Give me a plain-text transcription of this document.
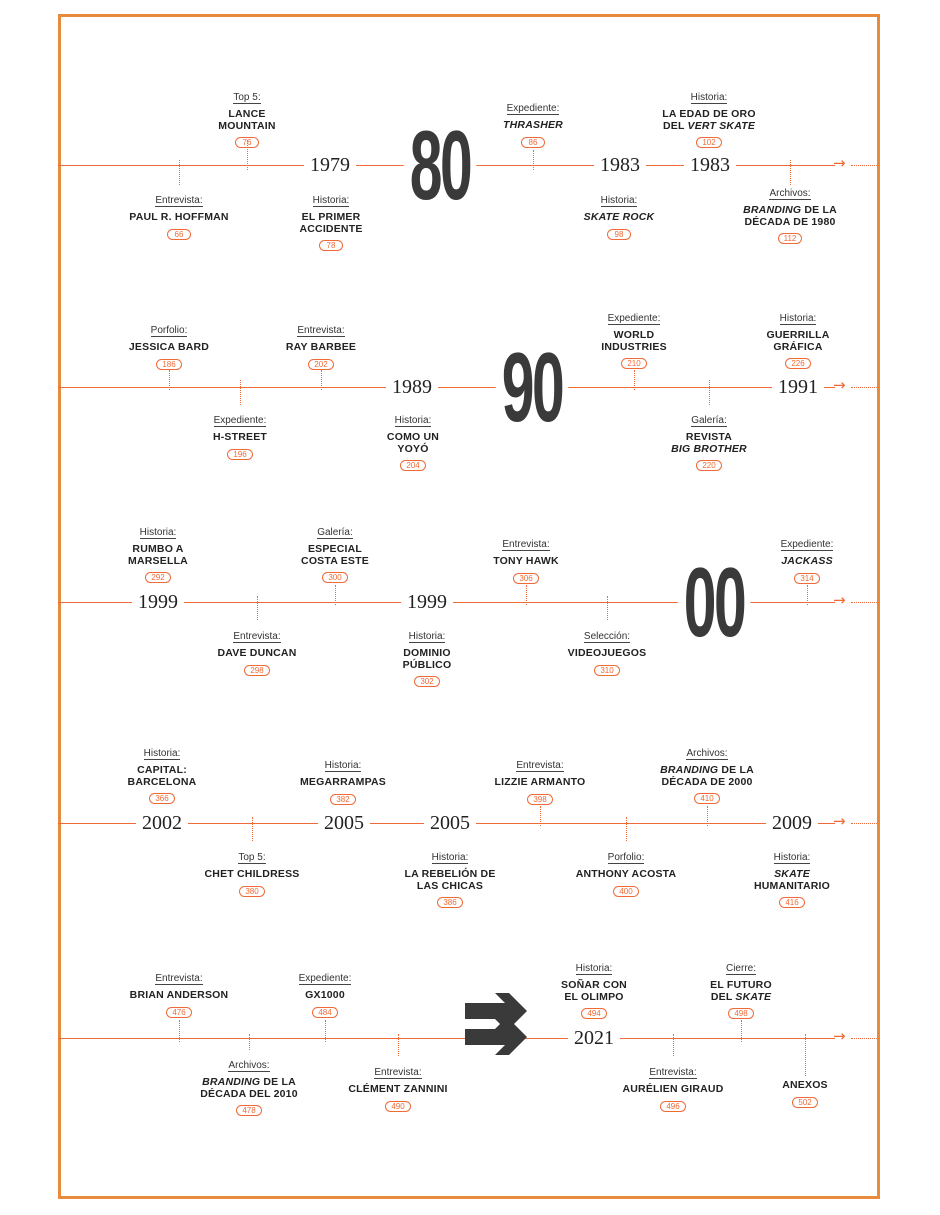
→
Top 5:

LANCE
MOUNTAIN
76
Entrevista:

PAUL R. HOFFMAN
66
Historia:

EL PRIMER
ACCIDENTE
78
Expediente:

THRASHER
86
Historia:

SKATE ROCK
98
Historia:

LA EDAD DE ORO
DEL VERT SKATE
102
Archivos:

BRANDING DE LA
DÉCADA DE 1980
112
1979	1983	1983
80
→
Porfolio:

JESSICA BARD
186
Expediente:

H-STREET
196
Entrevista:

RAY BARBEE
202
Historia:

COMO UN
YOYÓ
204
Expediente:

WORLD
INDUSTRIES
210
Galería:

REVISTA
BIG BROTHER
220
Historia:

GUERRILLA
GRÁFICA
226
1989	1991
90
→
Historia:

RUMBO A
MARSELLA
292
Entrevista:

DAVE DUNCAN
298
Galería:

ESPECIAL
COSTA ESTE
300
Historia:

DOMINIO
PÚBLICO
302
Entrevista:

TONY HAWK
306
Selección:

VIDEOJUEGOS
310
Expediente:

JACKASS
314
1999	1999 00
→
Historia:

CAPITAL:
BARCELONA
366
Top 5:

CHET CHILDRESS
380
Historia:

MEGARRAMPAS
382
Historia:

LA REBELIÓN DE
LAS CHICAS
386
Entrevista:

LIZZIE ARMANTO
398
Porfolio:

ANTHONY ACOSTA
400
Archivos:

BRANDING DE LA
DÉCADA DE 2000
410
Historia:

SKATE
HUMANITARIO
416
2002	2005	2005	2009
→
Entrevista:

BRIAN ANDERSON
476
Archivos:

BRANDING DE LA
DÉCADA DEL 2010
478
Expediente:

GX1000
484
Entrevista:

CLÉMENT ZANNINI
490
Historia:

SOÑAR CON
EL OLIMPO
494
Entrevista:

AURÉLIEN GIRAUD
496
Cierre:

EL FUTURO
DEL SKATE
498
ANEXOS
502
2021
